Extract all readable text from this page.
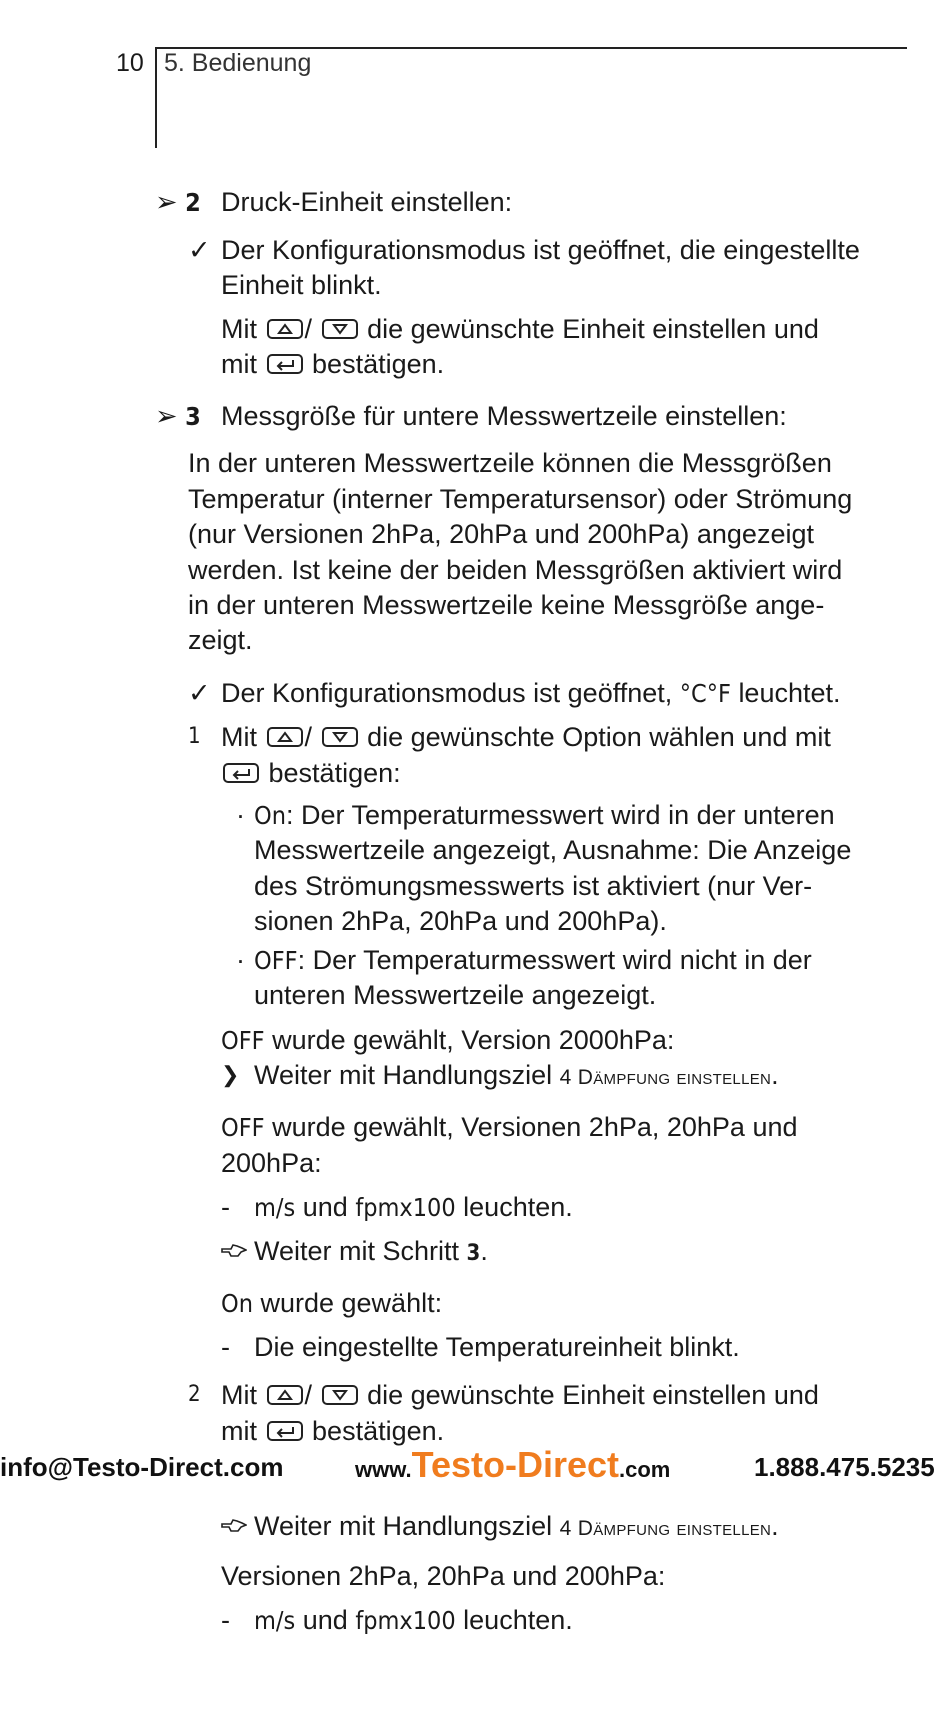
10 5. Bedienung
➢ 2 Druck-Einheit einstellen:
✓ Der Konfigurationsmodus ist geöffnet, die eingestellte
Einheit blinkt.
Mit / die gewünschte Einheit einstellen und
mit bestätigen.
➢ 3 Messgröße für untere Messwertzeile einstellen:
In der unteren Messwertzeile können die Messgrößen
Temperatur (interner Temperatursensor) oder Strömung
(nur Versionen 2hPa, 20hPa und 200hPa) angezeigt
werden. Ist keine der beiden Messgrößen aktiviert wird
in der unteren Messwertzeile keine Messgröße ange-
zeigt.
✓ Der Konfigurationsmodus ist geöffnet, °C°F leuchtet.
1 Mit / die gewünschte Option wählen und mit
bestätigen:
· On: Der Temperaturmesswert wird in der unteren
Messwertzeile angezeigt, Ausnahme: Die Anzeige
des Strömungsmesswerts ist aktiviert (nur Ver-
sionen 2hPa, 20hPa und 200hPa).
· OFF: Der Temperaturmesswert wird nicht in der
unteren Messwertzeile angezeigt.
OFF wurde gewählt, Version 2000hPa:
❯ Weiter mit Handlungsziel 4 Dämpfung einstellen.
OFF wurde gewählt, Versionen 2hPa, 20hPa und
200hPa:
- m/s und fpmx100 leuchten.
Weiter mit Schritt 3.
On wurde gewählt:
- Die eingestellte Temperatureinheit blinkt.
2 Mit / die gewünschte Einheit einstellen und
mit bestätigen.
info@Testo-Direct.com	www.Testo-Direct.com	1.888.475.5235
Weiter mit Handlungsziel 4 Dämpfung einstellen.
Versionen 2hPa, 20hPa und 200hPa:
- m/s und fpmx100 leuchten.
